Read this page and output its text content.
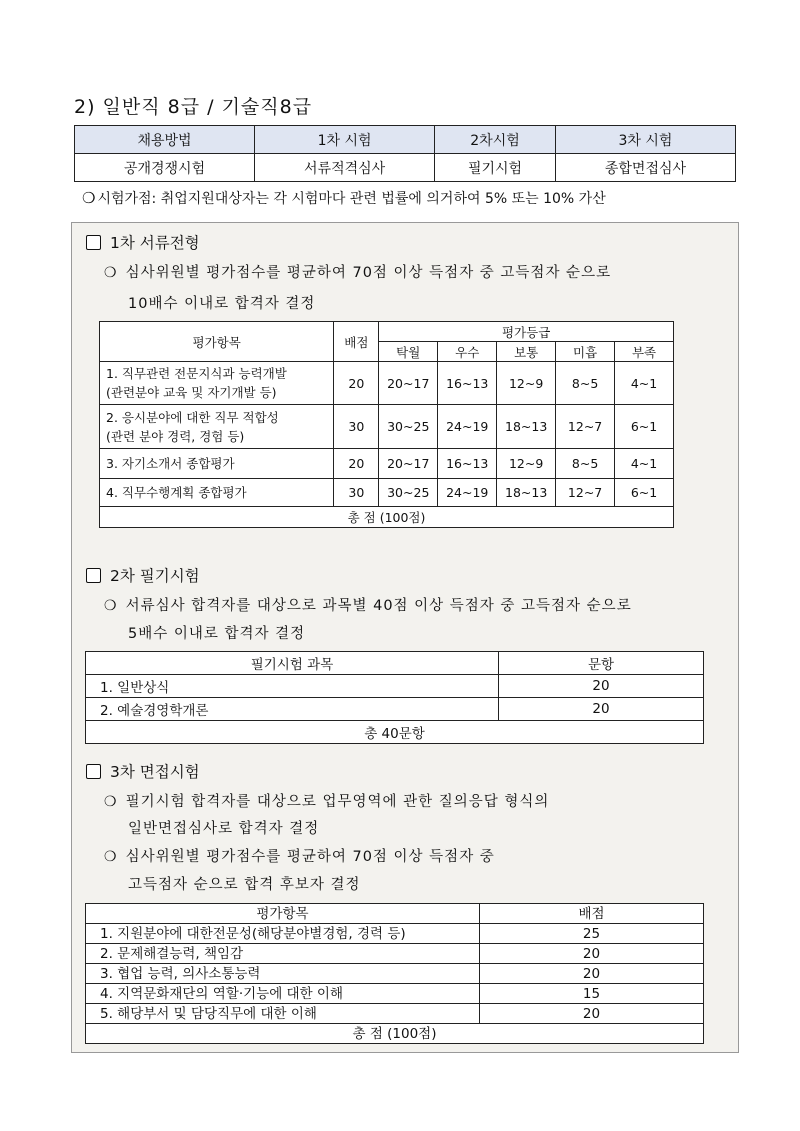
2) 일반직 8급 / 기술직8급
채용방법	1차 시험	2차시험	3차 시험
공개경쟁시험	서류적격심사	필기시험	종합면접심사
❍ 시험가점: 취업지원대상자는 각 시험마다 관련 법률에 의거하여 5% 또는 10% 가산
1차 서류전형
❍ 심사위원별 평가점수를 평균하여 70점 이상 득점자 중 고득점자 순으로
10배수 이내로 합격자 결정
평가항목	배점	평가등급				
		탁월	우수	보통	미흡	부족

1. 직무관련 전문지식과 능력개발
(관련분야 교육 및 자기개발 등)	20	20~17	16~13	12~9	8~5	4~1

2. 응시분야에 대한 직무 적합성
(관련 분야 경력, 경험 등)	30	30~25	24~19	18~13	12~7	6~1
3. 자기소개서 종합평가	20	20~17	16~13	12~9	8~5	4~1
4. 직무수행계획 종합평가	30	30~25	24~19	18~13	12~7	6~1
총 점 (100점)						
2차 필기시험
❍ 서류심사 합격자를 대상으로 과목별 40점 이상 득점자 중 고득점자 순으로
5배수 이내로 합격자 결정
필기시험 과목	문항
1. 일반상식	20
2. 예술경영학개론	20
총 40문항	
3차 면접시험
❍ 필기시험 합격자를 대상으로 업무영역에 관한 질의응답 형식의
일반면접심사로 합격자 결정
❍ 심사위원별 평가점수를 평균하여 70점 이상 득점자 중
고득점자 순으로 합격 후보자 결정
평가항목	배점
1. 지원분야에 대한전문성(해당분야별경험, 경력 등)	25
2. 문제해결능력, 책임감	20
3. 협업 능력, 의사소통능력	20
4. 지역문화재단의 역할·기능에 대한 이해	15
5. 해당부서 및 담당직무에 대한 이해	20
총 점 (100점)	
